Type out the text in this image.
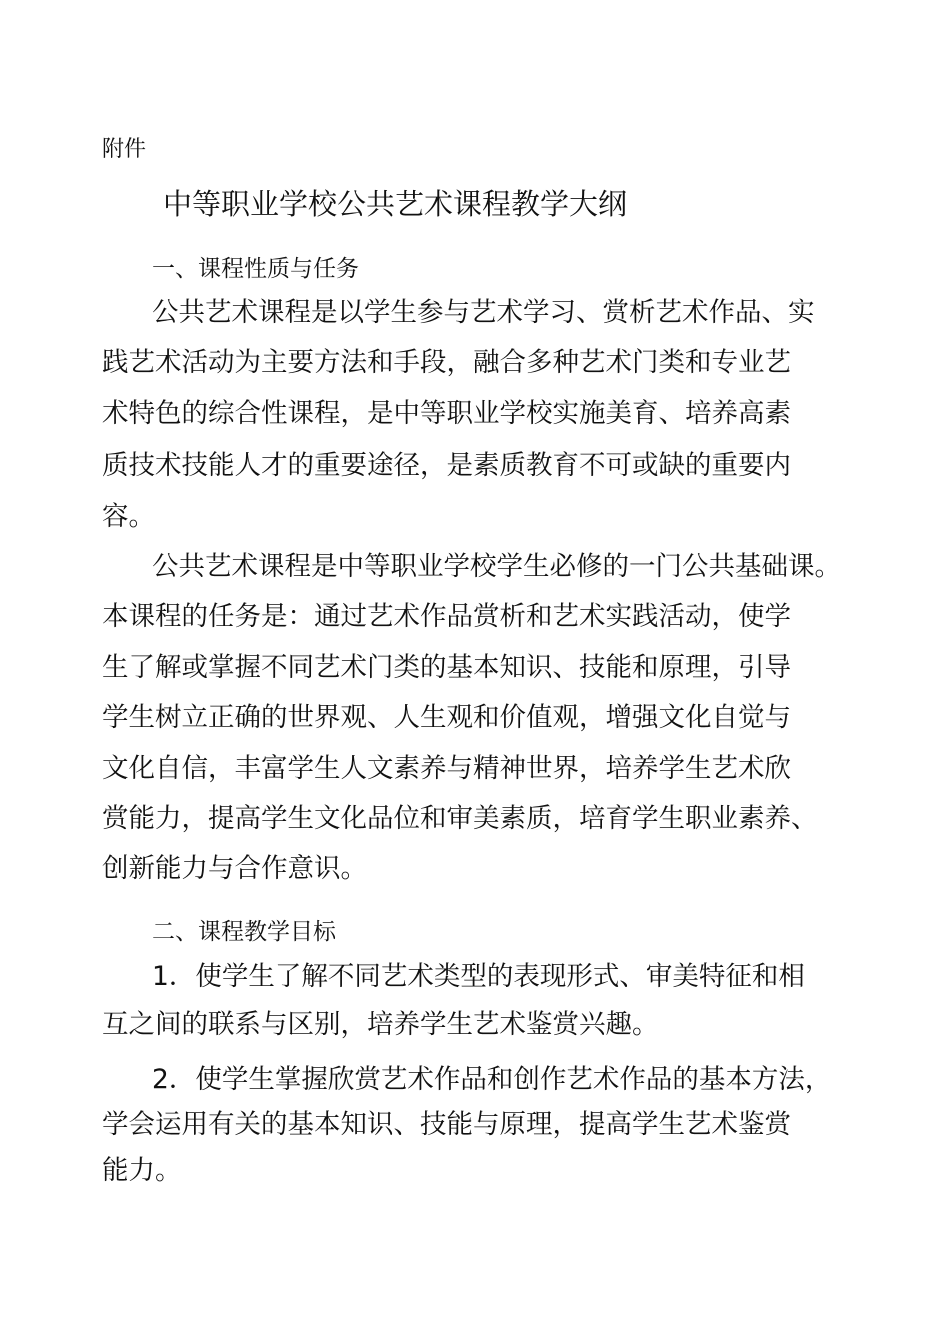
附件

中等职业学校公共艺术课程教学大纲

一、课程性质与任务

公共艺术课程是以学生参与艺术学习、赏析艺术作品、实

践艺术活动为主要方法和手段，融合多种艺术门类和专业艺

术特色的综合性课程，是中等职业学校实施美育、培养高素

质技术技能人才的重要途径，是素质教育不可或缺的重要内

容。

公共艺术课程是中等职业学校学生必修的一门公共基础课。

本课程的任务是：通过艺术作品赏析和艺术实践活动，使学

生了解或掌握不同艺术门类的基本知识、技能和原理，引导

学生树立正确的世界观、人生观和价值观，增强文化自觉与

文化自信，丰富学生人文素养与精神世界，培养学生艺术欣

赏能力，提高学生文化品位和审美素质，培育学生职业素养、

创新能力与合作意识。

二、课程教学目标

1．使学生了解不同艺术类型的表现形式、审美特征和相

互之间的联系与区别，培养学生艺术鉴赏兴趣。

2．使学生掌握欣赏艺术作品和创作艺术作品的基本方法，

学会运用有关的基本知识、技能与原理，提高学生艺术鉴赏

能力。
